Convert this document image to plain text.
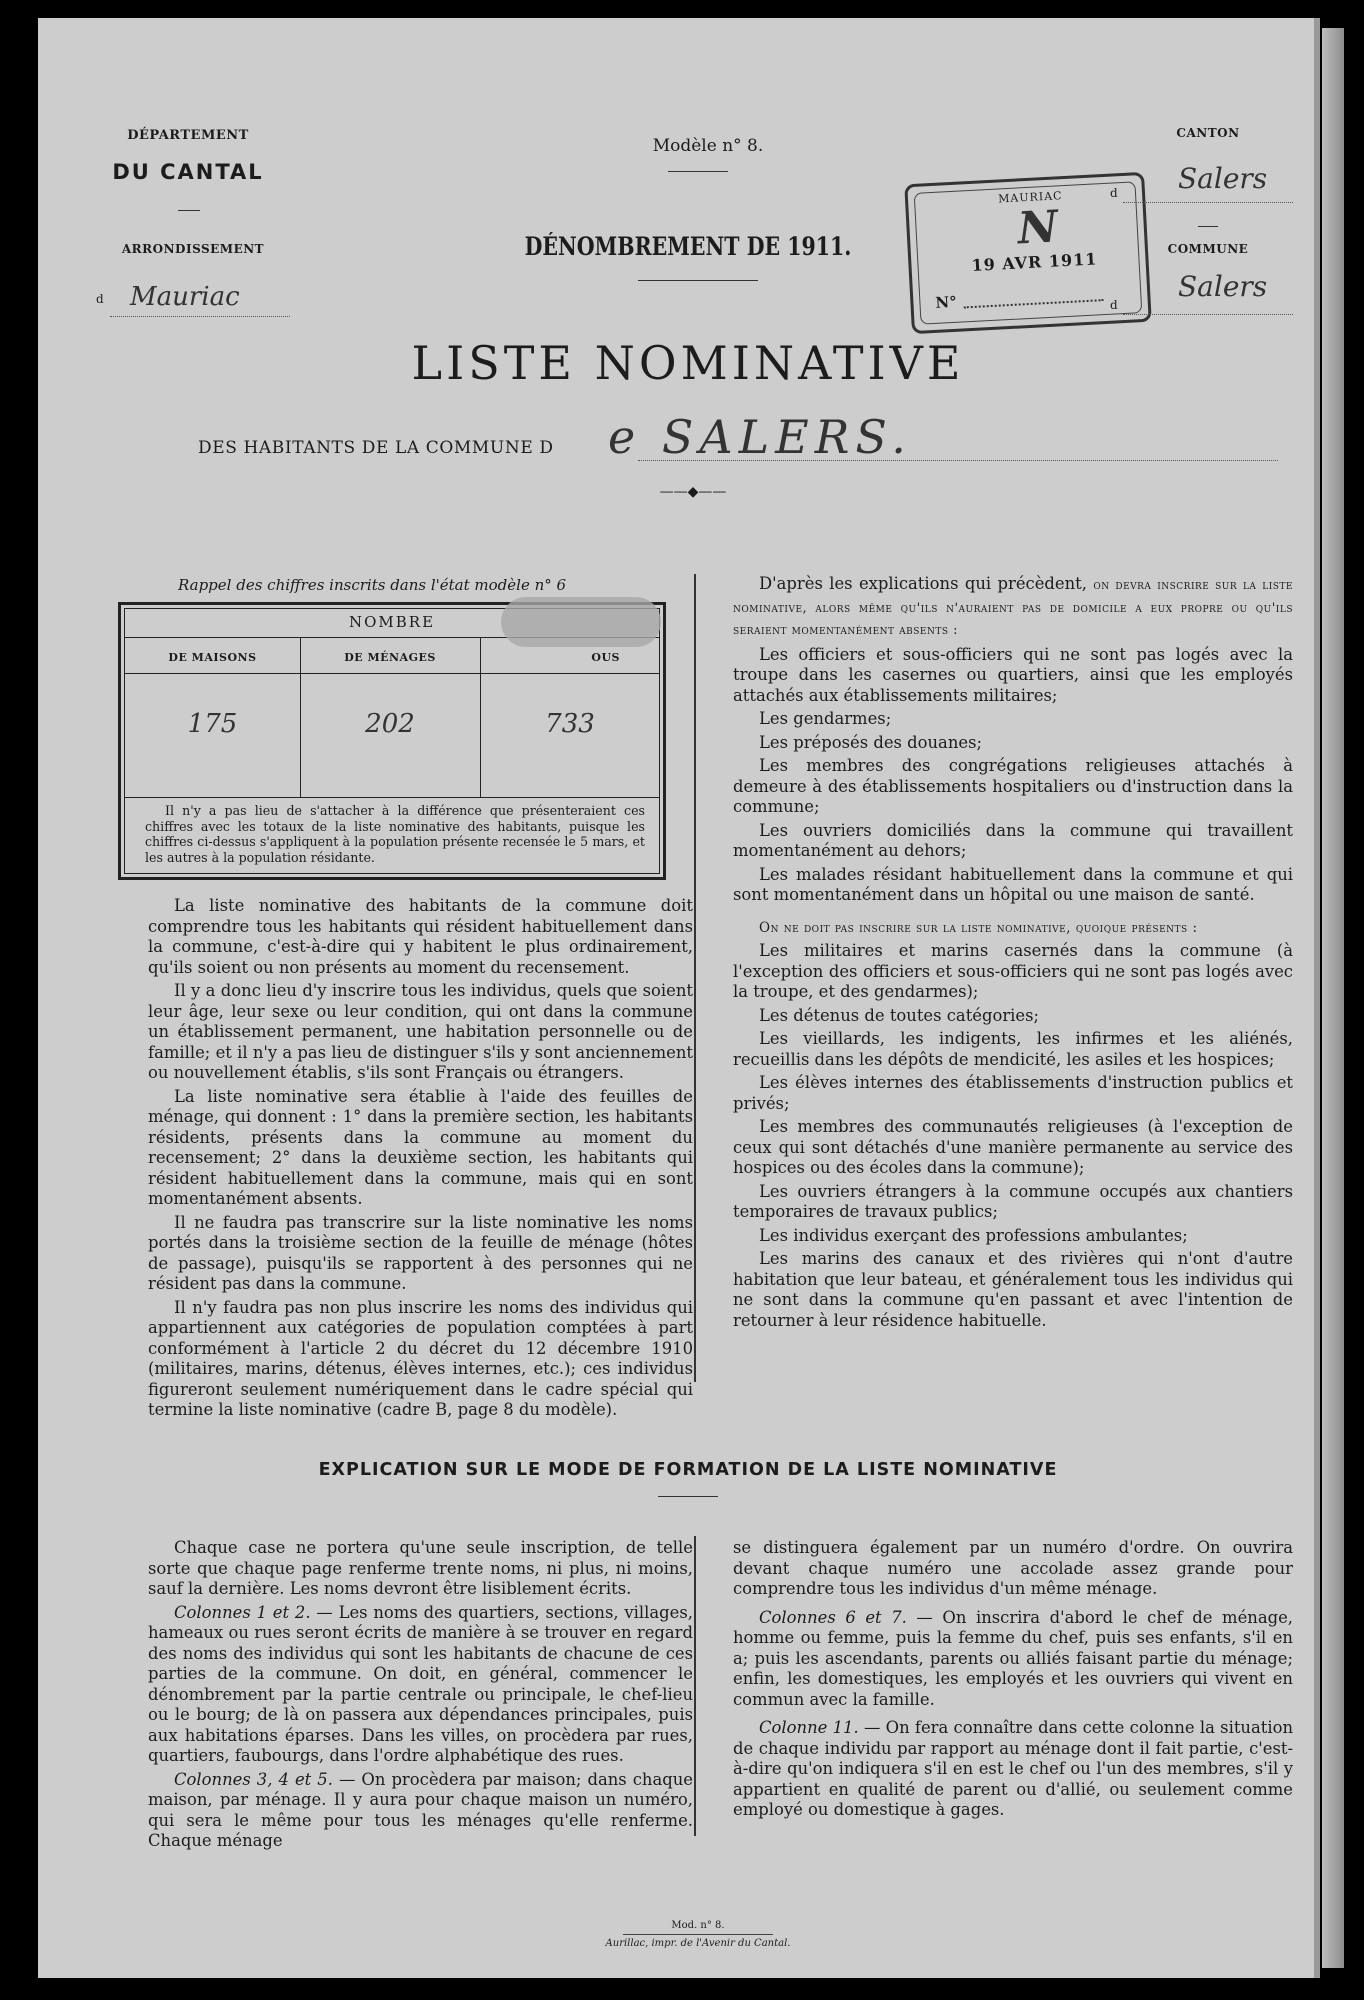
DÉPARTEMENT
DU CANTAL
ARRONDISSEMENT
d Mauriac
Modèle n° 8.
DÉNOMBREMENT DE 1911.
MAURIAC
N
19 AVR 1911
N°
CANTON
d Salers
COMMUNE
d
Salers
LISTE NOMINATIVE
DES HABITANTS DE LA COMMUNE D e SALERS.
——◆——
Rappel des chiffres inscrits dans l'état modèle n° 6
NOMBRE
DE MAISONS	DE MÉNAGES	OUS
175	202	733
Il n'y a pas lieu de s'attacher à la différence que présenteraient ces chiffres avec les totaux de la liste nominative des habitants, puisque les chiffres ci-dessus s'appliquent à la population présente recensée le 5 mars, et les autres à la population résidante.

La liste nominative des habitants de la commune doit comprendre tous les habitants qui résident habituellement dans la commune, c'est-à-dire qui y habitent le plus ordinairement, qu'ils soient ou non présents au moment du recensement.

Il y a donc lieu d'y inscrire tous les individus, quels que soient leur âge, leur sexe ou leur condition, qui ont dans la commune un établissement permanent, une habitation personnelle ou de famille; et il n'y a pas lieu de distinguer s'ils y sont anciennement ou nouvellement établis, s'ils sont Français ou étrangers.

La liste nominative sera établie à l'aide des feuilles de ménage, qui donnent : 1° dans la première section, les habitants résidents, présents dans la commune au moment du recensement; 2° dans la deuxième section, les habitants qui résident habituellement dans la commune, mais qui en sont momentanément absents.

Il ne faudra pas transcrire sur la liste nominative les noms portés dans la troisième section de la feuille de ménage (hôtes de passage), puisqu'ils se rapportent à des personnes qui ne résident pas dans la commune.

Il n'y faudra pas non plus inscrire les noms des individus qui appartiennent aux catégories de population comptées à part conformément à l'article 2 du décret du 12 décembre 1910 (militaires, marins, détenus, élèves internes, etc.); ces individus figureront seulement numériquement dans le cadre spécial qui termine la liste nominative (cadre B, page 8 du modèle).

D'après les explications qui précèdent, on devra inscrire sur la liste nominative, alors même qu'ils n'auraient pas de domicile a eux propre ou qu'ils seraient momentanément absents :

Les officiers et sous-officiers qui ne sont pas logés avec la troupe dans les casernes ou quartiers, ainsi que les employés attachés aux établissements militaires;

Les gendarmes;

Les préposés des douanes;

Les membres des congrégations religieuses attachés à demeure à des établissements hospitaliers ou d'instruction dans la commune;

Les ouvriers domiciliés dans la commune qui travaillent momentanément au dehors;

Les malades résidant habituellement dans la commune et qui sont momentanément dans un hôpital ou une maison de santé.

On ne doit pas inscrire sur la liste nominative, quoique présents :

Les militaires et marins casernés dans la commune (à l'exception des officiers et sous-officiers qui ne sont pas logés avec la troupe, et des gendarmes);

Les détenus de toutes catégories;

Les vieillards, les indigents, les infirmes et les aliénés, recueillis dans les dépôts de mendicité, les asiles et les hospices;

Les élèves internes des établissements d'instruction publics et privés;

Les membres des communautés religieuses (à l'exception de ceux qui sont détachés d'une manière permanente au service des hospices ou des écoles dans la commune);

Les ouvriers étrangers à la commune occupés aux chantiers temporaires de travaux publics;

Les individus exerçant des professions ambulantes;

Les marins des canaux et des rivières qui n'ont d'autre habitation que leur bateau, et généralement tous les individus qui ne sont dans la commune qu'en passant et avec l'intention de retourner à leur résidence habituelle.

EXPLICATION SUR LE MODE DE FORMATION DE LA LISTE NOMINATIVE

Chaque case ne portera qu'une seule inscription, de telle sorte que chaque page renferme trente noms, ni plus, ni moins, sauf la dernière. Les noms devront être lisiblement écrits.

Colonnes 1 et 2. — Les noms des quartiers, sections, villages, hameaux ou rues seront écrits de manière à se trouver en regard des noms des individus qui sont les habitants de chacune de ces parties de la commune. On doit, en général, commencer le dénombrement par la partie centrale ou principale, le chef-lieu ou le bourg; de là on passera aux dépendances principales, puis aux habitations éparses. Dans les villes, on procèdera par rues, quartiers, faubourgs, dans l'ordre alphabétique des rues.

Colonnes 3, 4 et 5. — On procèdera par maison; dans chaque maison, par ménage. Il y aura pour chaque maison un numéro, qui sera le même pour tous les ménages qu'elle renferme. Chaque ménage

se distinguera également par un numéro d'ordre. On ouvrira devant chaque numéro une accolade assez grande pour comprendre tous les individus d'un même ménage.

Colonnes 6 et 7. — On inscrira d'abord le chef de ménage, homme ou femme, puis la femme du chef, puis ses enfants, s'il en a; puis les ascendants, parents ou alliés faisant partie du ménage; enfin, les domestiques, les employés et les ouvriers qui vivent en commun avec la famille.

Colonne 11. — On fera connaître dans cette colonne la situation de chaque individu par rapport au ménage dont il fait partie, c'est-à-dire qu'on indiquera s'il en est le chef ou l'un des membres, s'il y appartient en qualité de parent ou d'allié, ou seulement comme employé ou domestique à gages.

Mod. n° 8.
Aurillac, impr. de l'Avenir du Cantal.
